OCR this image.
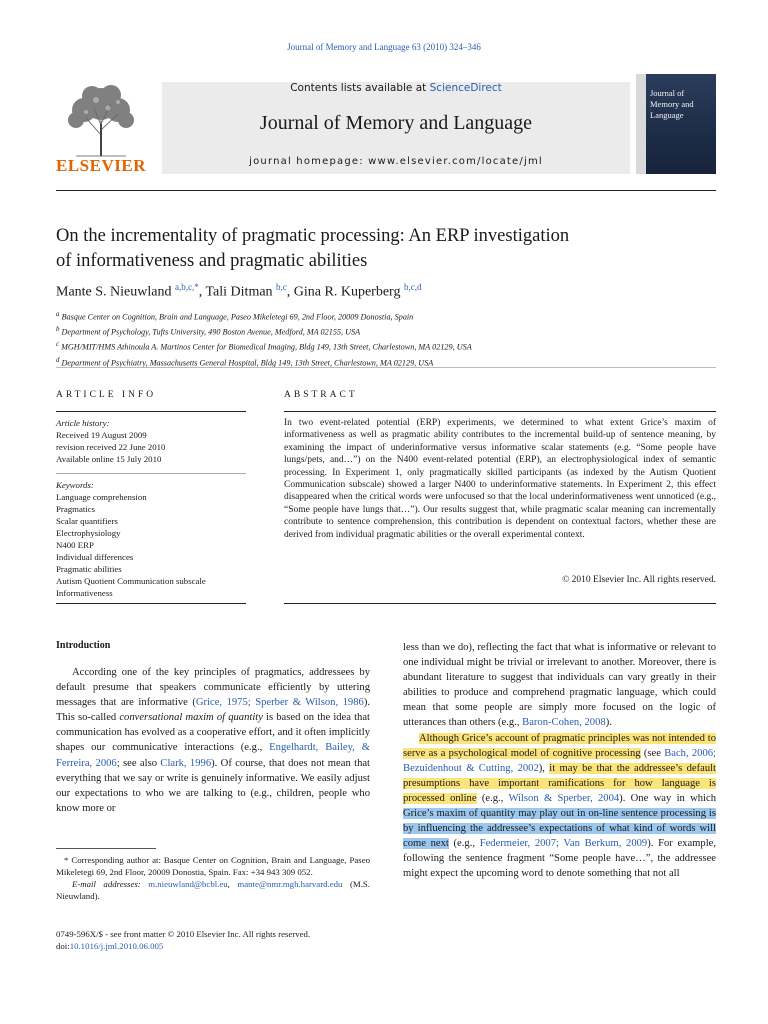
Journal of Memory and Language 63 (2010) 324–346
ELSEVIER
Contents lists available at ScienceDirect
Journal of Memory and Language
journal homepage: www.elsevier.com/locate/jml
Journal of Memory and Language
On the incrementality of pragmatic processing: An ERP investigation
of informativeness and pragmatic abilities
Mante S. Nieuwland $^{a,b,c,*}$, Tali Ditman $^{b,c}$, Gina R. Kuperberg $^{b,c,d}$
$^a$ Basque Center on Cognition, Brain and Language, Paseo Mikeletegi 69, 2nd Floor, 20009 Donostia, Spain
$^b$ Department of Psychology, Tufts University, 490 Boston Avenue, Medford, MA 02155, USA
$^c$ MGH/MIT/HMS Athinoula A. Martinos Center for Biomedical Imaging, Bldg 149, 13th Street, Charlestown, MA 02129, USA
$^d$ Department of Psychiatry, Massachusetts General Hospital, Bldg 149, 13th Street, Charlestown, MA 02129, USA
ARTICLE INFO	ABSTRACT
Article history:
Received 19 August 2009
revision received 22 June 2010
Available online 15 July 2010
Keywords:
Language comprehension
Pragmatics
Scalar quantifiers
Electrophysiology
N400 ERP
Individual differences
Pragmatic abilities
Autism Quotient Communication subscale
Informativeness
In two event-related potential (ERP) experiments, we determined to what extent Grice’s maxim of informativeness as well as pragmatic ability contributes to the incremental build-up of sentence meaning, by examining the impact of underinformative versus informative scalar statements (e.g. “Some people have lungs/pets, and…”) on the N400 event-related potential (ERP), an electrophysiological index of semantic processing. In Experiment 1, only pragmatically skilled participants (as indexed by the Autism Quotient Communication subscale) showed a larger N400 to underinformative statements. In Experiment 2, this effect disappeared when the critical words were unfocused so that the local underinformativeness went unnoticed (e.g., “Some people have lungs that…”). Our results suggest that, while pragmatic scalar meaning can incrementally contribute to sentence comprehension, this contribution is dependent on contextual factors, whether these are derived from individual pragmatic abilities or the overall experimental context.
© 2010 Elsevier Inc. All rights reserved.
Introduction

According one of the key principles of pragmatics, addressees by default presume that speakers communicate efficiently by uttering messages that are informative (Grice, 1975; Sperber & Wilson, 1986). This so-called conversational maxim of quantity is based on the idea that communication has evolved as a cooperative effort, and it often implicitly shapes our communicative interactions (e.g., Engelhardt, Bailey, & Ferreira, 2006; see also Clark, 1996). Of course, that does not mean that everything that we say or write is genuinely informative. We easily adjust our expectations to who we are talking to (e.g., children, people who know more or

less than we do), reflecting the fact that what is informative or relevant to one individual might be trivial or irrelevant to another. Moreover, there is abundant literature to suggest that individuals can vary greatly in their abilities to produce and comprehend pragmatic language, which could mean that some people are simply more focused on the logic of utterances than others (e.g., Baron-Cohen, 2008).

Although Grice’s account of pragmatic principles was not intended to serve as a psychological model of cognitive processing (see Bach, 2006; Bezuidenhout & Cutting, 2002), it may be that the addressee’s default presumptions have important ramifications for how language is processed online (e.g., Wilson & Sperber, 2004). One way in which Grice’s maxim of quantity may play out in on-line sentence processing is by influencing the addressee’s expectations of what kind of words will come next (e.g., Federmeier, 2007; Van Berkum, 2009). For example, following the sentence fragment “Some people have…”, the addressee might expect the upcoming word to denote something that not all

* Corresponding author at: Basque Center on Cognition, Brain and Language, Paseo Mikeletegi 69, 2nd Floor, 20009 Donostia, Spain. Fax: +34 943 309 052.
E-mail addresses: m.nieuwland@bcbl.eu, mante@nmr.mgh.harvard.edu (M.S. Nieuwland).
0749-596X/$ - see front matter © 2010 Elsevier Inc. All rights reserved.
doi:10.1016/j.jml.2010.06.005
